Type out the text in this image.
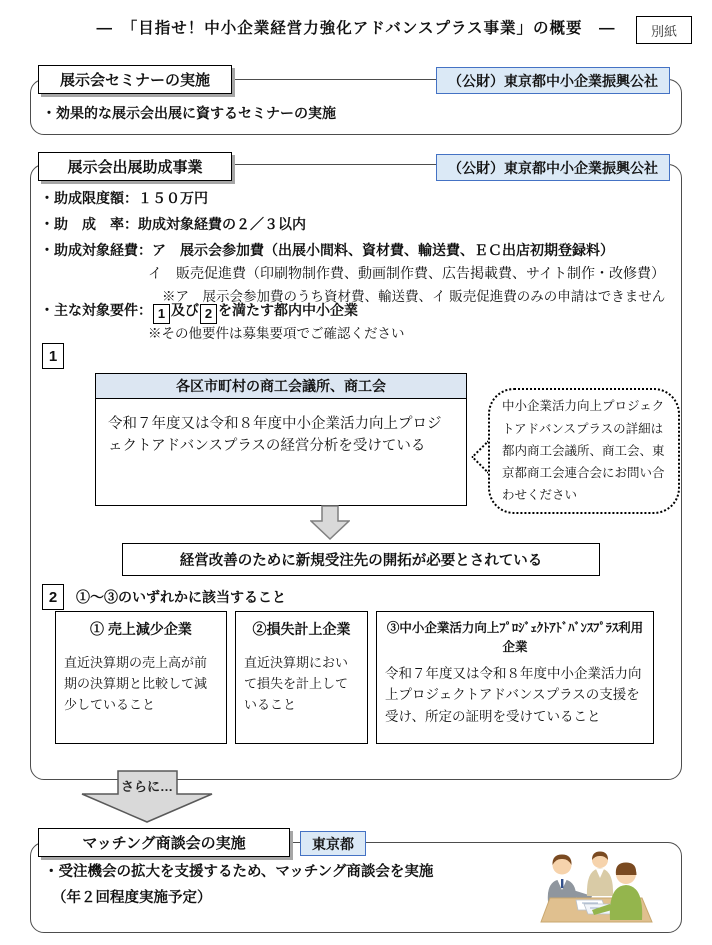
―　「目指せ！中小企業経営力強化アドバンスプラス事業」の概要　―	別紙
展示会セミナーの実施	（公財）東京都中小企業振興公社
・効果的な展示会出展に資するセミナーの実施
展示会出展助成事業	（公財）東京都中小企業振興公社
・助成限度額：１５０万円
・助　成　率：助成対象経費の２／３以内
・助成対象経費：ア　展示会参加費（出展小間料、資材費、輸送費、ＥＣ出店初期登録料）
イ　販売促進費（印刷物制作費、動画制作費、広告掲載費、サイト制作・改修費）
※ア　展示会参加費のうち資材費、輸送費、イ 販売促進費のみの申請はできません
・主な対象要件： 1 及び 2 を満たす都内中小企業
※その他要件は募集要項でご確認ください
1
各区市町村の商工会議所、商工会
令和７年度又は令和８年度中小企業活力向上プロジェクトアドバンスプラスの経営分析を受けている
中小企業活力向上プロジェクトアドバンスプラスの詳細は都内商工会議所、商工会、東京都商工会連合会にお問い合わせください
経営改善のために新規受注先の開拓が必要とされている
2	①～③のいずれかに該当すること
① 売上減少企業
直近決算期の売上高が前期の決算期と比較して減少していること
②損失計上企業
直近決算期において損失を計上していること
③中小企業活力向上ﾌﾟﾛｼﾞｪｸﾄｱﾄﾞﾊﾞﾝｽﾌﾟﾗｽ利用企業
令和７年度又は令和８年度中小企業活力向上プロジェクトアドバンスプラスの支援を受け、所定の証明を受けていること
さらに…
マッチング商談会の実施	東京都
・受注機会の拡大を支援するため、マッチング商談会を実施
（年２回程度実施予定）
